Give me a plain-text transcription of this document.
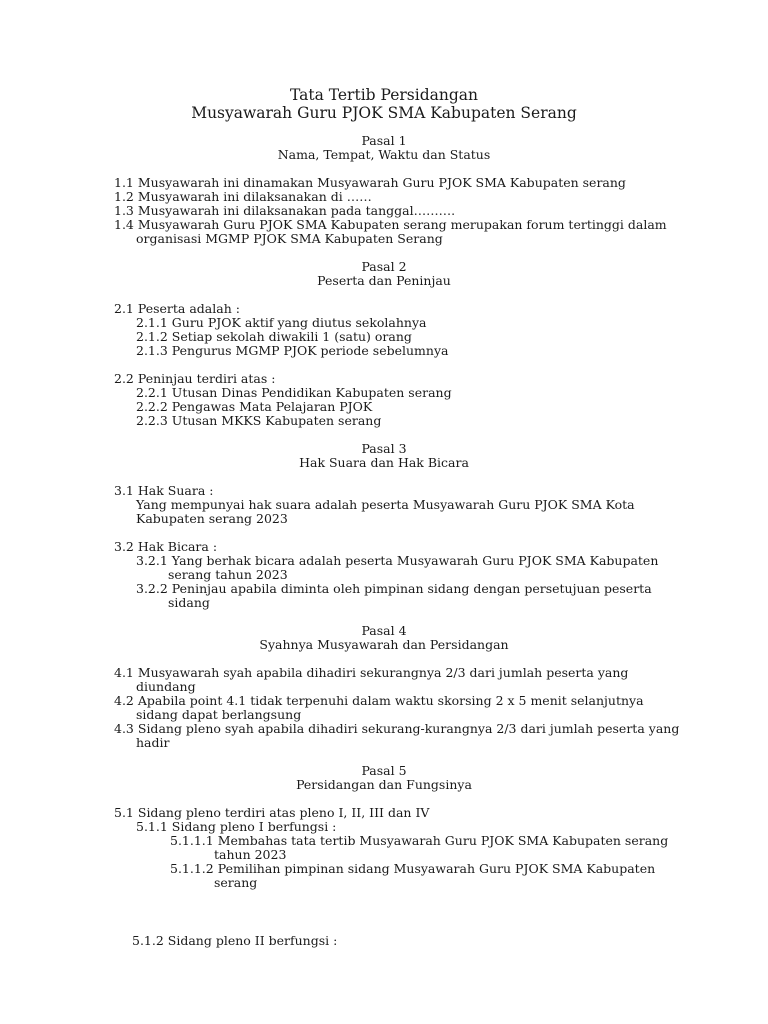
Tata Tertib Persidangan
Musyawarah Guru PJOK SMA Kabupaten Serang
Pasal 1
Nama, Tempat, Waktu dan Status
1.1 Musyawarah ini dinamakan Musyawarah Guru PJOK SMA Kabupaten serang
1.2 Musyawarah ini dilaksanakan di ……
1.3 Musyawarah ini dilaksanakan pada tanggal……….
1.4 Musyawarah Guru PJOK SMA Kabupaten serang merupakan forum tertinggi dalam
organisasi MGMP PJOK SMA Kabupaten Serang
Pasal 2
Peserta dan Peninjau
2.1 Peserta adalah :
2.1.1 Guru PJOK aktif yang diutus sekolahnya
2.1.2 Setiap sekolah diwakili 1 (satu) orang
2.1.3 Pengurus MGMP PJOK periode sebelumnya
2.2 Peninjau terdiri atas :
2.2.1 Utusan Dinas Pendidikan Kabupaten serang
2.2.2 Pengawas Mata Pelajaran PJOK
2.2.3 Utusan MKKS Kabupaten serang
Pasal 3
Hak Suara dan Hak Bicara
3.1 Hak Suara :
Yang mempunyai hak suara adalah peserta Musyawarah Guru PJOK SMA Kota
Kabupaten serang 2023
3.2 Hak Bicara :
3.2.1 Yang berhak bicara adalah peserta Musyawarah Guru PJOK SMA Kabupaten
serang tahun 2023
3.2.2 Peninjau apabila diminta oleh pimpinan sidang dengan persetujuan peserta
sidang
Pasal 4
Syahnya Musyawarah dan Persidangan
4.1 Musyawarah syah apabila dihadiri sekurangnya 2/3 dari jumlah peserta yang
diundang
4.2 Apabila point 4.1 tidak terpenuhi dalam waktu skorsing 2 x 5 menit selanjutnya
sidang dapat berlangsung
4.3 Sidang pleno syah apabila dihadiri sekurang-kurangnya 2/3 dari jumlah peserta yang
hadir
Pasal 5
Persidangan dan Fungsinya
5.1 Sidang pleno terdiri atas pleno I, II, III dan IV
5.1.1 Sidang pleno I berfungsi :
5.1.1.1 Membahas tata tertib Musyawarah Guru PJOK SMA Kabupaten serang
tahun 2023
5.1.1.2 Pemilihan pimpinan sidang Musyawarah Guru PJOK SMA Kabupaten
serang
5.1.2 Sidang pleno II berfungsi :
